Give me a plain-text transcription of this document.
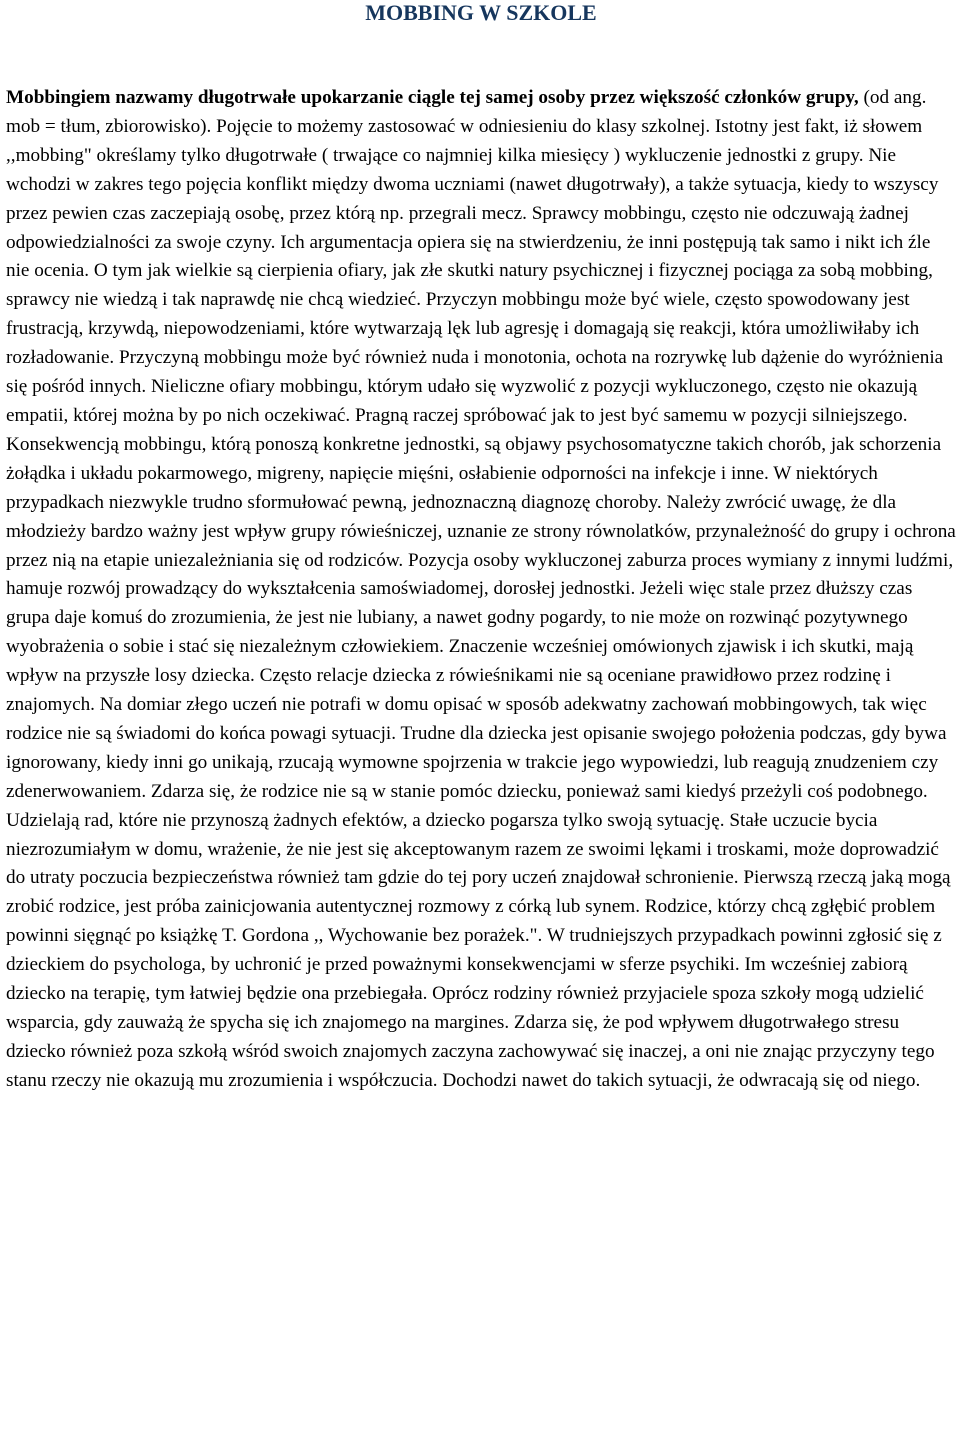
MOBBING W SZKOLE

Mobbingiem nazwamy długotrwałe upokarzanie ciągle tej samej osoby przez większość członków grupy, (od ang. mob = tłum, zbiorowisko). Pojęcie to możemy zastosować w odniesieniu do klasy szkolnej. Istotny jest fakt, iż słowem ,,mobbing" określamy tylko długotrwałe ( trwające co najmniej kilka miesięcy ) wykluczenie jednostki z grupy. Nie wchodzi w zakres tego pojęcia konflikt między dwoma uczniami (nawet długotrwały), a także sytuacja, kiedy to wszyscy przez pewien czas zaczepiają osobę, przez którą np. przegrali mecz. Sprawcy mobbingu, często nie odczuwają żadnej odpowiedzialności za swoje czyny. Ich argumentacja opiera się na stwierdzeniu, że inni postępują tak samo i nikt ich źle nie ocenia. O tym jak wielkie są cierpienia ofiary, jak złe skutki natury psychicznej i fizycznej pociąga za sobą mobbing, sprawcy nie wiedzą i tak naprawdę nie chcą wiedzieć. Przyczyn mobbingu może być wiele, często spowodowany jest frustracją, krzywdą, niepowodzeniami, które wytwarzają lęk lub agresję i domagają się reakcji, która umożliwiłaby ich rozładowanie. Przyczyną mobbingu może być również nuda i monotonia, ochota na rozrywkę lub dążenie do wyróżnienia się pośród innych. Nieliczne ofiary mobbingu, którym udało się wyzwolić z pozycji wykluczonego, często nie okazują empatii, której można by po nich oczekiwać. Pragną raczej spróbować jak to jest być samemu w pozycji silniejszego. Konsekwencją mobbingu, którą ponoszą konkretne jednostki, są objawy psychosomatyczne takich chorób, jak schorzenia żołądka i układu pokarmowego, migreny, napięcie mięśni, osłabienie odporności na infekcje i inne. W niektórych przypadkach niezwykle trudno sformułować pewną, jednoznaczną diagnozę choroby. Należy zwrócić uwagę, że dla młodzieży bardzo ważny jest wpływ grupy rówieśniczej, uznanie ze strony równolatków, przynależność do grupy i ochrona przez nią na etapie uniezależniania się od rodziców. Pozycja osoby wykluczonej zaburza proces wymiany z innymi ludźmi, hamuje rozwój prowadzący do wykształcenia samoświadomej, dorosłej jednostki. Jeżeli więc stale przez dłuższy czas grupa daje komuś do zrozumienia, że jest nie lubiany, a nawet godny pogardy, to nie może on rozwinąć pozytywnego wyobrażenia o sobie i stać się niezależnym człowiekiem. Znaczenie wcześniej omówionych zjawisk i ich skutki, mają wpływ na przyszłe losy dziecka. Często relacje dziecka z rówieśnikami nie są oceniane prawidłowo przez rodzinę i znajomych. Na domiar złego uczeń nie potrafi w domu opisać w sposób adekwatny zachowań mobbingowych, tak więc rodzice nie są świadomi do końca powagi sytuacji. Trudne dla dziecka jest opisanie swojego położenia podczas, gdy bywa ignorowany, kiedy inni go unikają, rzucają wymowne spojrzenia w trakcie jego wypowiedzi, lub reagują znudzeniem czy zdenerwowaniem. Zdarza się, że rodzice nie są w stanie pomóc dziecku, ponieważ sami kiedyś przeżyli coś podobnego. Udzielają rad, które nie przynoszą żadnych efektów, a dziecko pogarsza tylko swoją sytuację. Stałe uczucie bycia niezrozumiałym w domu, wrażenie, że nie jest się akceptowanym razem ze swoimi lękami i troskami, może doprowadzić do utraty poczucia bezpieczeństwa również tam gdzie do tej pory uczeń znajdował schronienie. Pierwszą rzeczą jaką mogą zrobić rodzice, jest próba zainicjowania autentycznej rozmowy z córką lub synem. Rodzice, którzy chcą zgłębić problem powinni sięgnąć po książkę T. Gordona ,, Wychowanie bez porażek.". W trudniejszych przypadkach powinni zgłosić się z dzieckiem do psychologa, by uchronić je przed poważnymi konsekwencjami w sferze psychiki. Im wcześniej zabiorą dziecko na terapię, tym łatwiej będzie ona przebiegała. Oprócz rodziny również przyjaciele spoza szkoły mogą udzielić wsparcia, gdy zauważą że spycha się ich znajomego na margines. Zdarza się, że pod wpływem długotrwałego stresu dziecko również poza szkołą wśród swoich znajomych zaczyna zachowywać się inaczej, a oni nie znając przyczyny tego stanu rzeczy nie okazują mu zrozumienia i współczucia. Dochodzi nawet do takich sytuacji, że odwracają się od niego.
